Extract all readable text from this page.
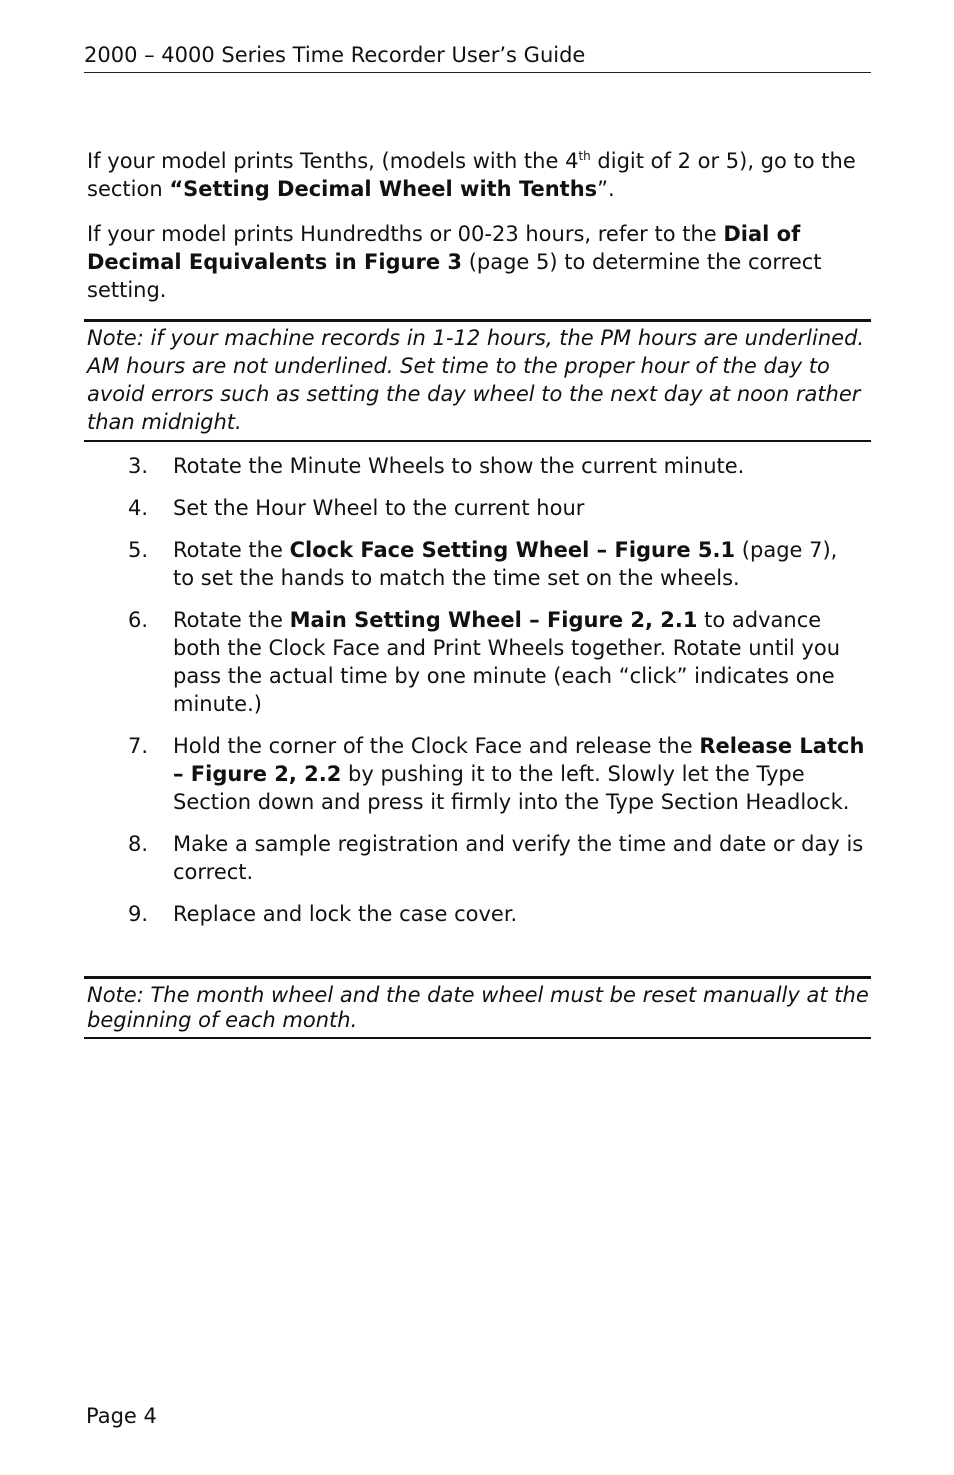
2000 – 4000 Series Time Recorder User’s Guide

If your model prints Tenths, (models with the 4th digit of 2 or 5), go to the section “Setting Decimal Wheel with Tenths”.

If your model prints Hundredths or 00-23 hours, refer to the Dial of Decimal Equivalents in Figure 3 (page 5) to determine the correct setting.

Note: if your machine records in 1-12 hours, the PM hours are underlined. AM hours are not underlined. Set time to the proper hour of the day to avoid errors such as setting the day wheel to the next day at noon rather than midnight.
3.	Rotate the Minute Wheels to show the current minute.
4.	Set the Hour Wheel to the current hour
5.	Rotate the Clock Face Setting Wheel – Figure 5.1 (page 7), to set the hands to match the time set on the wheels.
6.	Rotate the Main Setting Wheel – Figure 2, 2.1 to advance both the Clock Face and Print Wheels together. Rotate until you pass the actual time by one minute (each “click” indicates one minute.)
7.	Hold the corner of the Clock Face and release the Release Latch – Figure 2, 2.2 by pushing it to the left. Slowly let the Type Section down and press it firmly into the Type Section Headlock.
8.	Make a sample registration and verify the time and date or day is correct.
9.	Replace and lock the case cover.
Note: The month wheel and the date wheel must be reset manually at the beginning of each month.
Page 4
